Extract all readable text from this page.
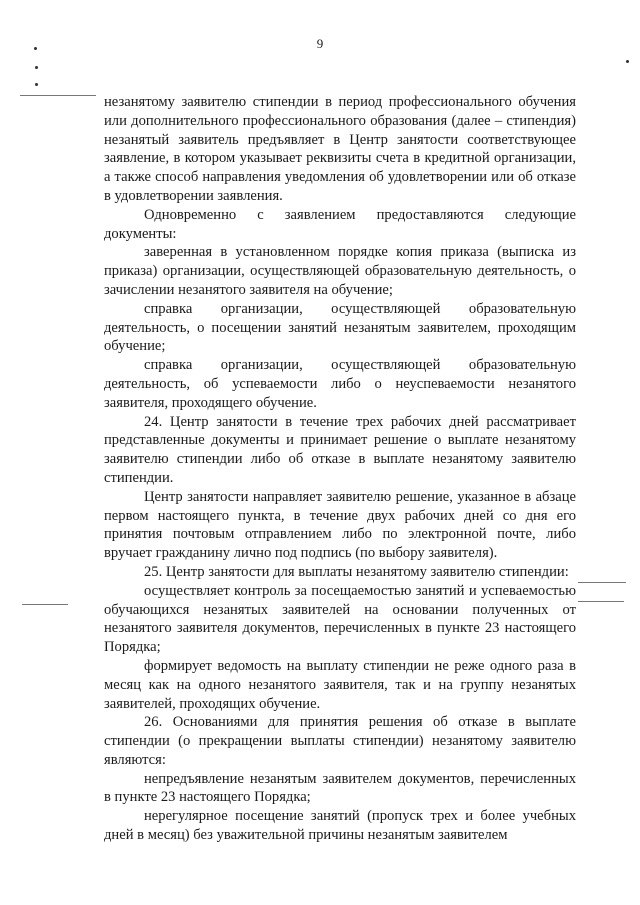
9

незанятому заявителю стипендии в период профессионального обучения или дополнительного профессионального образования (далее – стипендия) незанятый заявитель предъявляет в Центр занятости соответствующее заявление, в котором указывает реквизиты счета в кредитной организации, а также способ направления уведомления об удовлетворении или об отказе в удовлетворении заявления.

Одновременно с заявлением предоставляются следующие документы:

заверенная в установленном порядке копия приказа (выписка из приказа) организации, осуществляющей образовательную деятельность, о зачислении незанятого заявителя на обучение;

справка организации, осуществляющей образовательную деятельность, о посещении занятий незанятым заявителем, проходящим обучение;

справка организации, осуществляющей образовательную деятельность, об успеваемости либо о неуспеваемости незанятого заявителя, проходящего обучение.

24. Центр занятости в течение трех рабочих дней рассматривает представленные документы и принимает решение о выплате незанятому заявителю стипендии либо об отказе в выплате незанятому заявителю стипендии.

Центр занятости направляет заявителю решение, указанное в абзаце первом настоящего пункта, в течение двух рабочих дней со дня его принятия почтовым отправлением либо по электронной почте, либо вручает гражданину лично под подпись (по выбору заявителя).

25. Центр занятости для выплаты незанятому заявителю стипендии:

осуществляет контроль за посещаемостью занятий и успеваемостью обучающихся незанятых заявителей на основании полученных от незанятого заявителя документов, перечисленных в пункте 23 настоящего Порядка;

формирует ведомость на выплату стипендии не реже одного раза в месяц как на одного незанятого заявителя, так и на группу незанятых заявителей, проходящих обучение.

26. Основаниями для принятия решения об отказе в выплате стипендии (о прекращении выплаты стипендии) незанятому заявителю являются:

непредъявление незанятым заявителем документов, перечисленных в пункте 23 настоящего Порядка;

нерегулярное посещение занятий (пропуск трех и более учебных дней в месяц) без уважительной причины незанятым заявителем
